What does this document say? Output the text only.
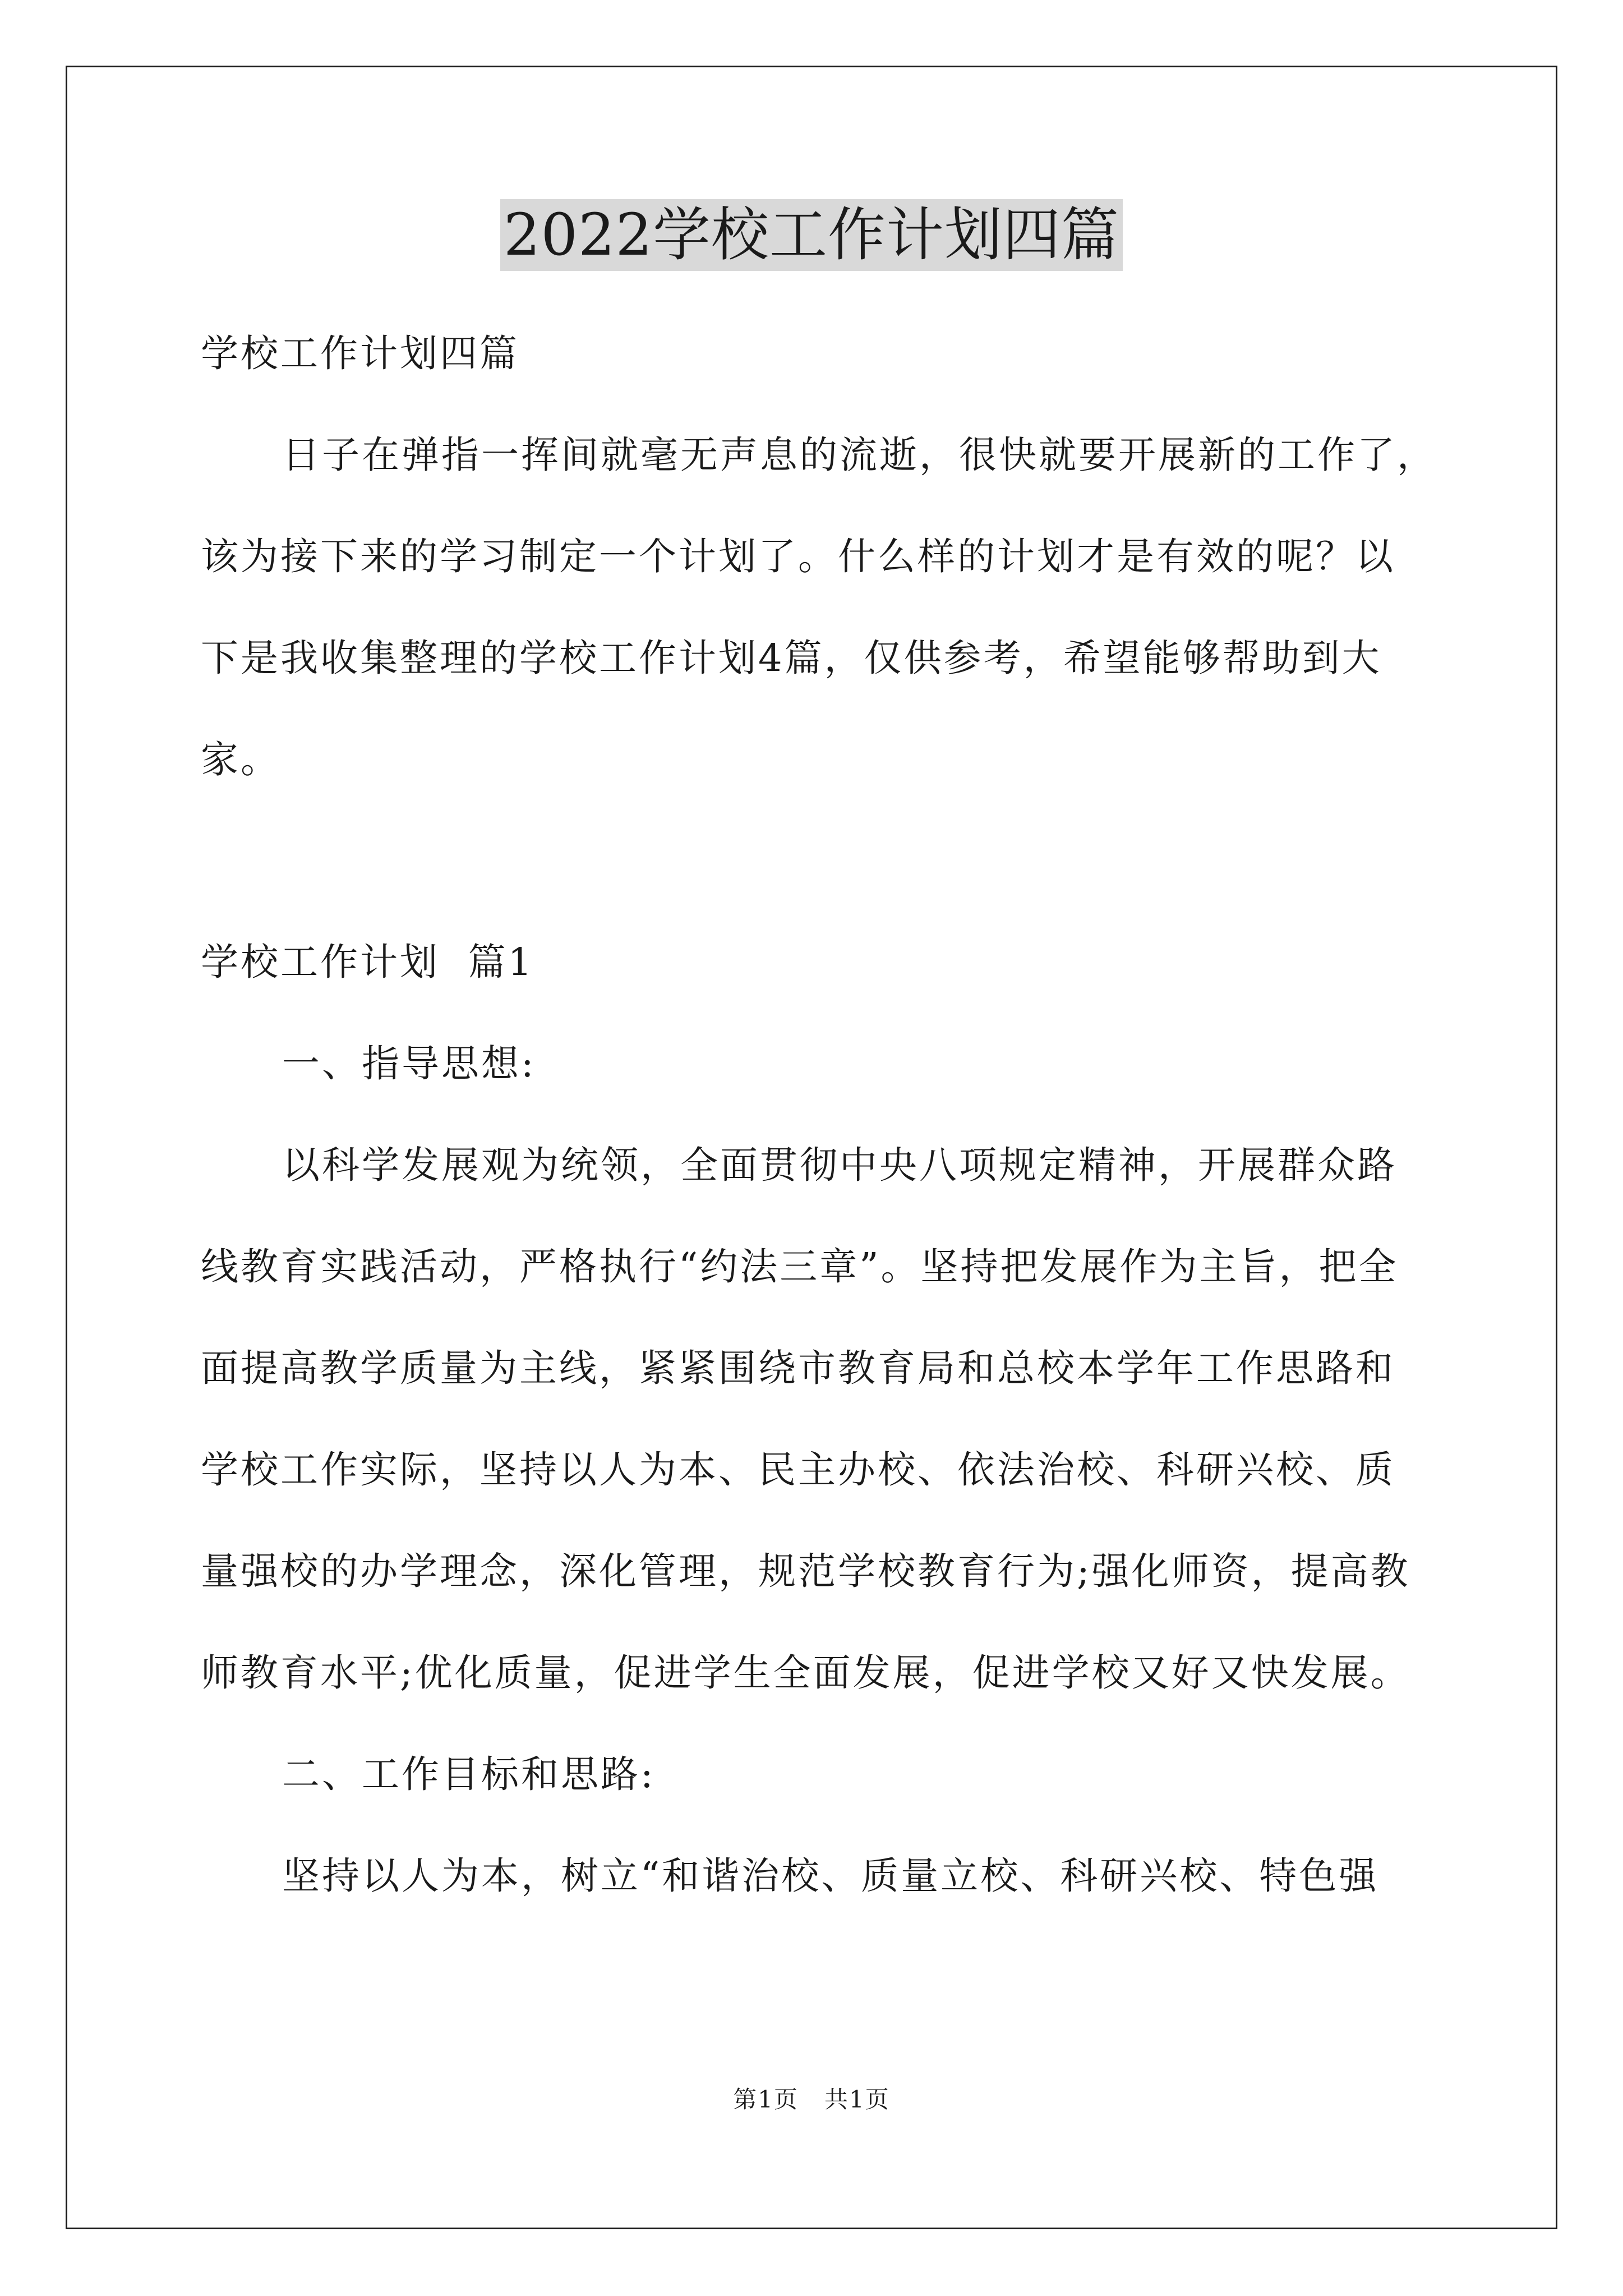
2022学校工作计划四篇

学校工作计划四篇

日子在弹指一挥间就毫无声息的流逝，很快就要开展新的工作了，

该为接下来的学习制定一个计划了。什么样的计划才是有效的呢？以

下是我收集整理的学校工作计划4篇，仅供参考，希望能够帮助到大

家。

学校工作计划  篇1

一、指导思想:

以科学发展观为统领，全面贯彻中央八项规定精神，开展群众路

线教育实践活动，严格执行“约法三章”。坚持把发展作为主旨，把全

面提高教学质量为主线，紧紧围绕市教育局和总校本学年工作思路和

学校工作实际，坚持以人为本、民主办校、依法治校、科研兴校、质

量强校的办学理念，深化管理，规范学校教育行为;强化师资，提高教

师教育水平;优化质量，促进学生全面发展，促进学校又好又快发展。

二、工作目标和思路:

坚持以人为本，树立“和谐治校、质量立校、科研兴校、特色强

第1页   共1页
